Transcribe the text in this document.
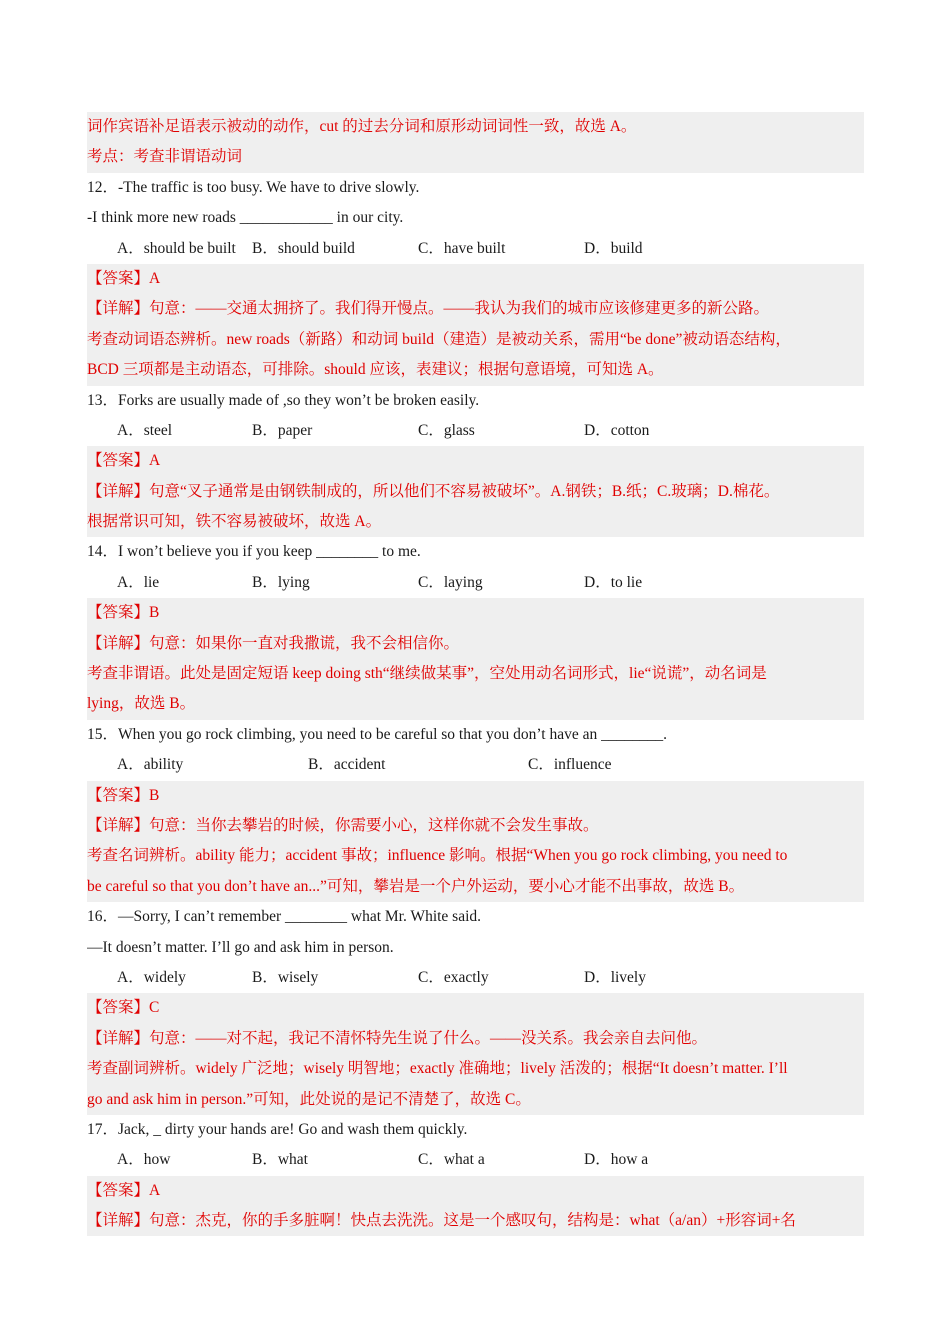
词作宾语补足语表示被动的动作，cut 的过去分词和原形动词词性一致，故选 A。
考点：考查非谓语动词
12．-The traffic is too busy. We have to drive slowly.
-I think more new roads ____________ in our city.
A．should be built B．should build	C．have built	D．build
【答案】A
【详解】句意：——交通太拥挤了。我们得开慢点。——我认为我们的城市应该修建更多的新公路。
考查动词语态辨析。new roads（新路）和动词 build（建造）是被动关系，需用“be done”被动语态结构，
BCD 三项都是主动语态，可排除。should 应该，表建议；根据句意语境，可知选 A。
13．Forks are usually made of ,so they won’t be broken easily.
A．steel	B．paper	C．glass	D．cotton
【答案】A
【详解】句意“叉子通常是由钢铁制成的，所以他们不容易被破坏”。A.钢铁；B.纸；C.玻璃；D.棉花。
根据常识可知，铁不容易被破坏，故选 A。
14．I won’t believe you if you keep ________ to me.
A．lie	B．lying	C．laying	D．to lie
【答案】B
【详解】句意：如果你一直对我撒谎，我不会相信你。
考查非谓语。此处是固定短语 keep doing sth“继续做某事”，空处用动名词形式，lie“说谎”，动名词是
lying，故选 B。
15．When you go rock climbing, you need to be careful so that you don’t have an ________.
A．ability	B．accident	C．influence
【答案】B
【详解】句意：当你去攀岩的时候，你需要小心，这样你就不会发生事故。
考查名词辨析。ability 能力；accident 事故；influence 影响。根据“When you go rock climbing, you need to
be careful so that you don’t have an...”可知，攀岩是一个户外运动，要小心才能不出事故，故选 B。
16．—Sorry, I can’t remember ________ what Mr. White said.
—It doesn’t matter. I’ll go and ask him in person.
A．widely	B．wisely	C．exactly	D．lively
【答案】C
【详解】句意：——对不起，我记不清怀特先生说了什么。——没关系。我会亲自去问他。
考查副词辨析。widely 广泛地；wisely 明智地；exactly 准确地；lively 活泼的；根据“It doesn’t matter. I’ll
go and ask him in person.”可知，此处说的是记不清楚了，故选 C。
17．Jack, _ dirty your hands are! Go and wash them quickly.
A．how	B．what	C．what a	D．how a
【答案】A
【详解】句意：杰克，你的手多脏啊！快点去洗洗。这是一个感叹句，结构是：what（a/an）+形容词+名
